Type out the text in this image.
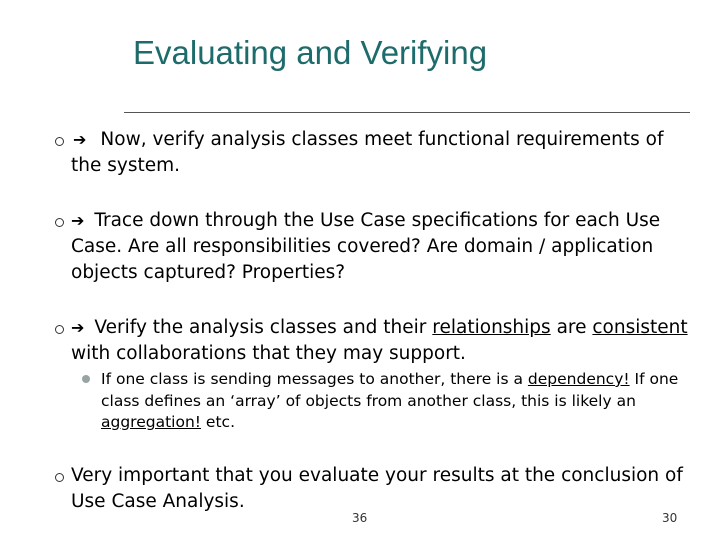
Evaluating and Verifying
➔ Now, verify analysis classes meet functional requirements of the system.
➔ Trace down through the Use Case specifications for each Use Case. Are all responsibilities covered? Are domain / application objects captured? Properties?
➔ Verify the analysis classes and their relationships are consistent with collaborations that they may support.
If one class is sending messages to another, there is a dependency! If one class defines an ‘array’ of objects from another class, this is likely an aggregation! etc.
Very important that you evaluate your results at the conclusion of Use Case Analysis.
36	30
